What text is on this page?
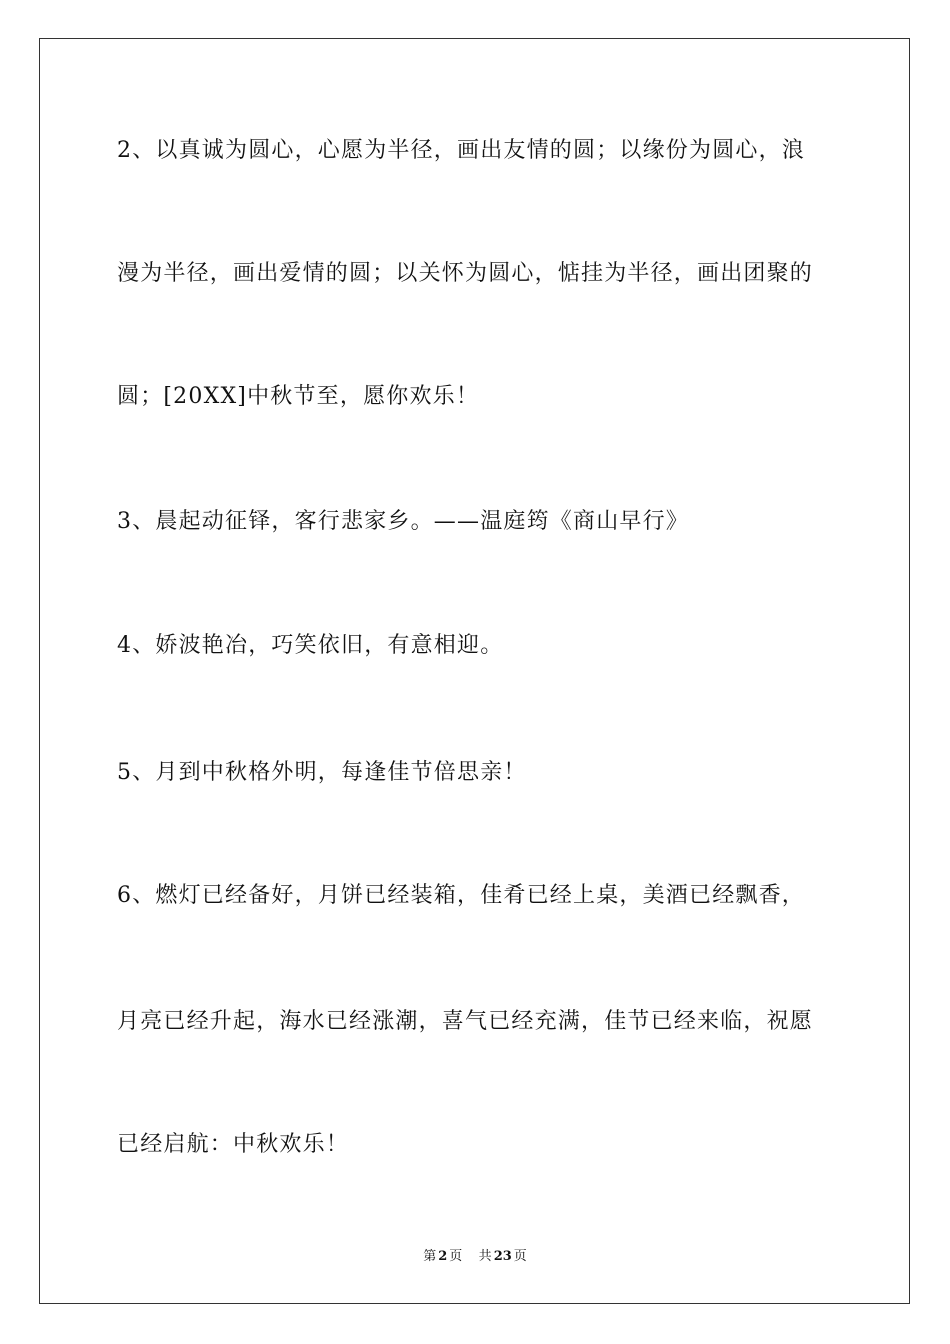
2、以真诚为圆心，心愿为半径，画出友情的圆；以缘份为圆心，浪
漫为半径，画出爱情的圆；以关怀为圆心，惦挂为半径，画出团聚的
圆；[20XX]中秋节至，愿你欢乐！
3、晨起动征铎，客行悲家乡。——温庭筠《商山早行》
4、娇波艳冶，巧笑依旧，有意相迎。
5、月到中秋格外明，每逢佳节倍思亲！
6、燃灯已经备好，月饼已经装箱，佳肴已经上桌，美酒已经飘香，
月亮已经升起，海水已经涨潮，喜气已经充满，佳节已经来临，祝愿
已经启航：中秋欢乐！
第 2 页 共 23 页
